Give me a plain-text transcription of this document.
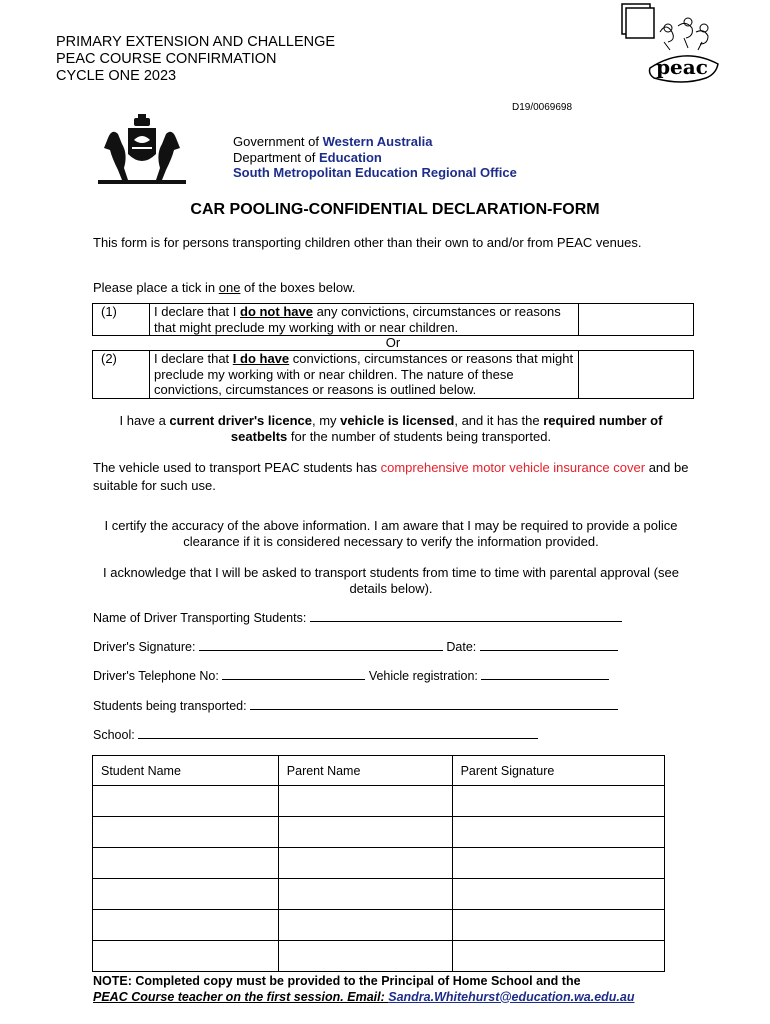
PRIMARY EXTENSION AND CHALLENGE
PEAC COURSE CONFIRMATION
CYCLE ONE 2023	peac
D19/0069698
Government of Western Australia
Department of Education
South Metropolitan Education Regional Office
CAR POOLING-CONFIDENTIAL DECLARATION-FORM
This form is for persons transporting children other than their own to and/or from PEAC venues.
Please place a tick in one of the boxes below.
(1)	I declare that I do not have any convictions, circumstances or reasons that might preclude my working with or near children.	
Or		
(2)	I declare that I do have convictions, circumstances or reasons that might preclude my working with or near children. The nature of these convictions, circumstances or reasons is outlined below.	
I have a current driver's licence, my vehicle is licensed, and it has the required number of seatbelts for the number of students being transported.
The vehicle used to transport PEAC students has comprehensive motor vehicle insurance cover and be suitable for such use.
I certify the accuracy of the above information. I am aware that I may be required to provide a police clearance if it is considered necessary to verify the information provided.
I acknowledge that I will be asked to transport students from time to time with parental approval (see details below).
Name of Driver Transporting Students:
Driver's Signature:	Date:
Driver's Telephone No:	Vehicle registration:
Students being transported:
School:
Student Name	Parent Name	Parent Signature

NOTE: Completed copy must be provided to the Principal of Home School and the
PEAC Course teacher on the first session. Email: Sandra.Whitehurst@education.wa.edu.au
